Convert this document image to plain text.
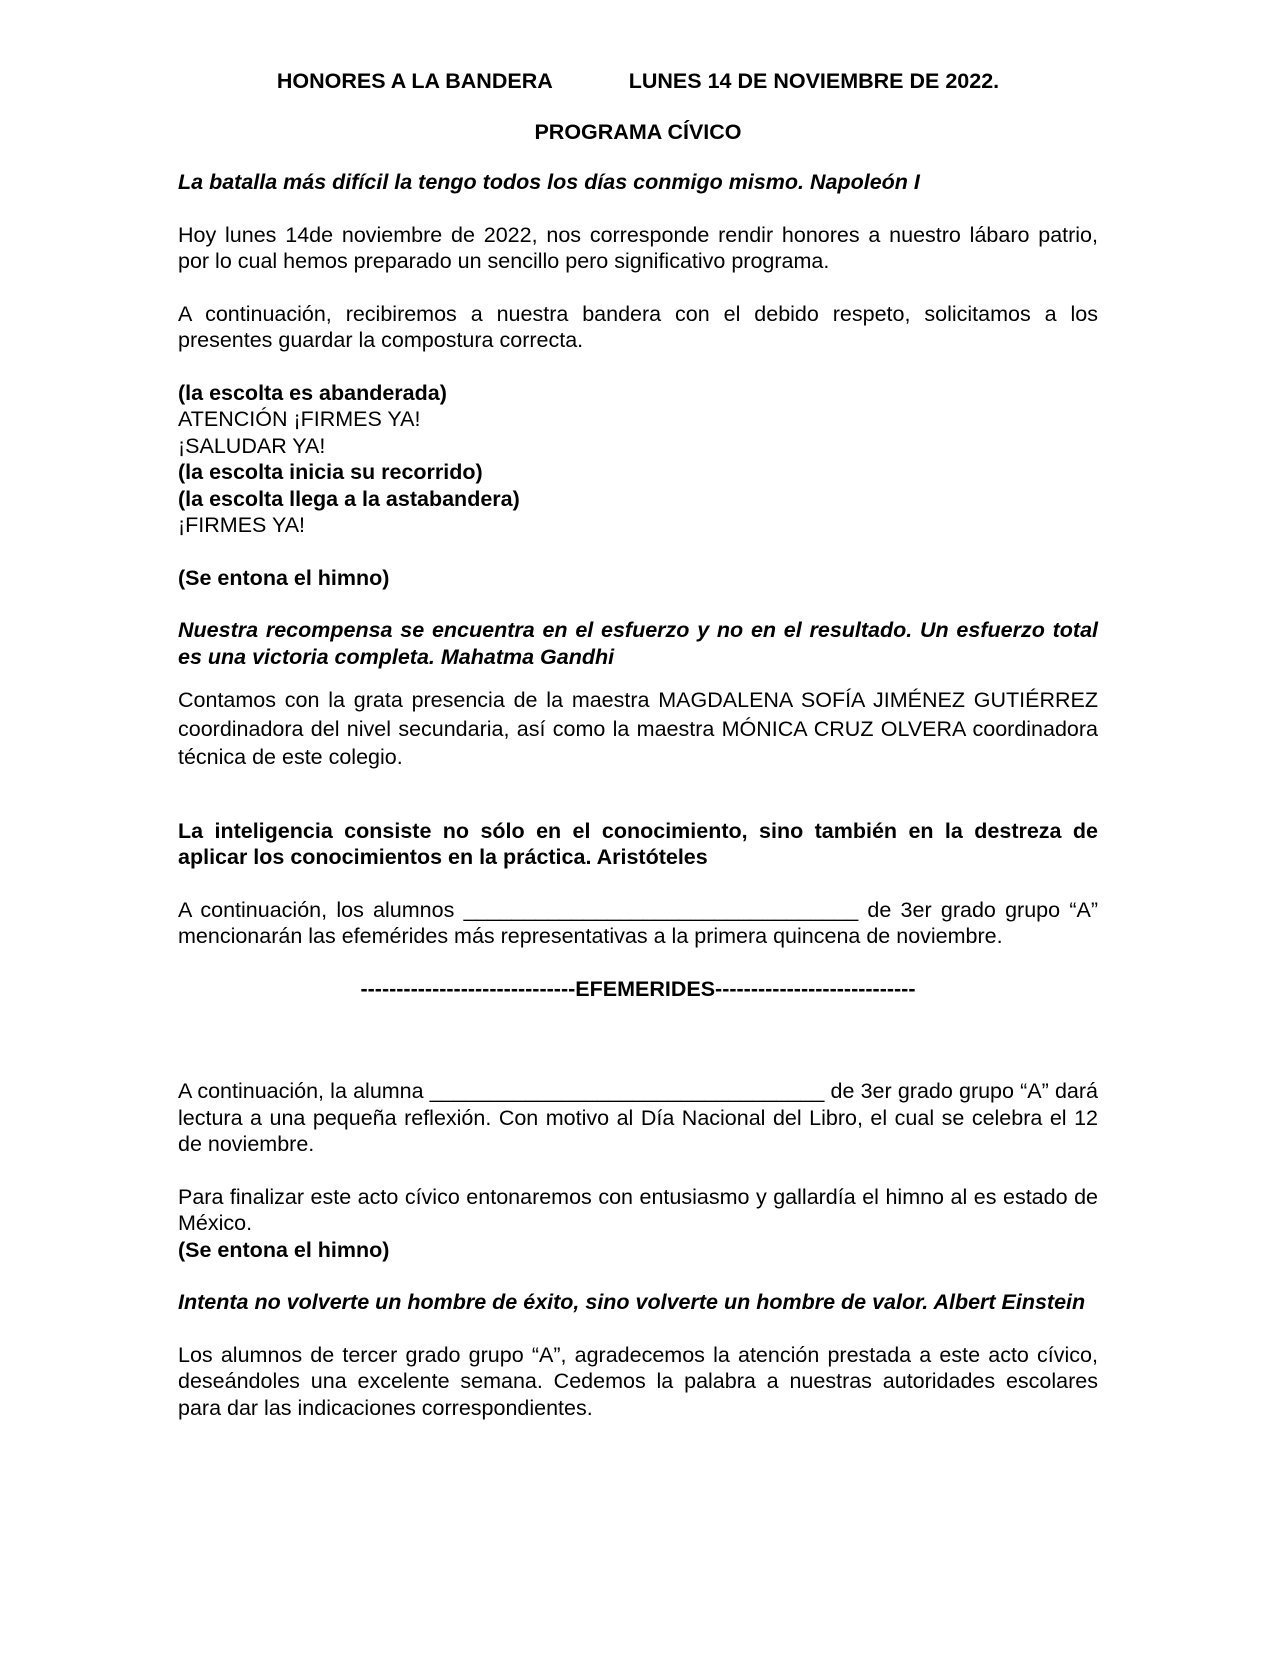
HONORES A LA BANDERA	LUNES 14 DE NOVIEMBRE DE 2022.
PROGRAMA CÍVICO

La batalla más difícil la tengo todos los días conmigo mismo. Napoleón I

Hoy lunes 14de noviembre de 2022, nos corresponde rendir honores a nuestro lábaro patrio, por lo cual hemos preparado un sencillo pero significativo programa.

A continuación, recibiremos a nuestra bandera con el debido respeto, solicitamos a los presentes guardar la compostura correcta.

(la escolta es abanderada)
ATENCIÓN ¡FIRMES YA!
¡SALUDAR YA!
(la escolta inicia su recorrido)
(la escolta llega a la astabandera)
¡FIRMES YA!

(Se entona el himno)

Nuestra recompensa se encuentra en el esfuerzo y no en el resultado. Un esfuerzo total es una victoria completa. Mahatma Gandhi

Contamos con la grata presencia de la maestra MAGDALENA SOFÍA JIMÉNEZ GUTIÉRREZ coordinadora del nivel secundaria, así como la maestra MÓNICA CRUZ OLVERA coordinadora técnica de este colegio.

La inteligencia consiste no sólo en el conocimiento, sino también en la destreza de aplicar los conocimientos en la práctica. Aristóteles

A continuación, los alumnos _________________________________ de 3er grado grupo “A” mencionarán las efemérides más representativas a la primera quincena de noviembre.

------------------------------EFEMERIDES----------------------------

A continuación, la alumna _________________________________ de 3er grado grupo “A” dará lectura a una pequeña reflexión. Con motivo al Día Nacional del Libro, el cual se celebra el 12 de noviembre.

Para finalizar este acto cívico entonaremos con entusiasmo y gallardía el himno al es estado de México.

(Se entona el himno)

Intenta no volverte un hombre de éxito, sino volverte un hombre de valor. Albert Einstein

Los alumnos de tercer grado grupo “A”, agradecemos la atención prestada a este acto cívico, deseándoles una excelente semana. Cedemos la palabra a nuestras autoridades escolares para dar las indicaciones correspondientes.
